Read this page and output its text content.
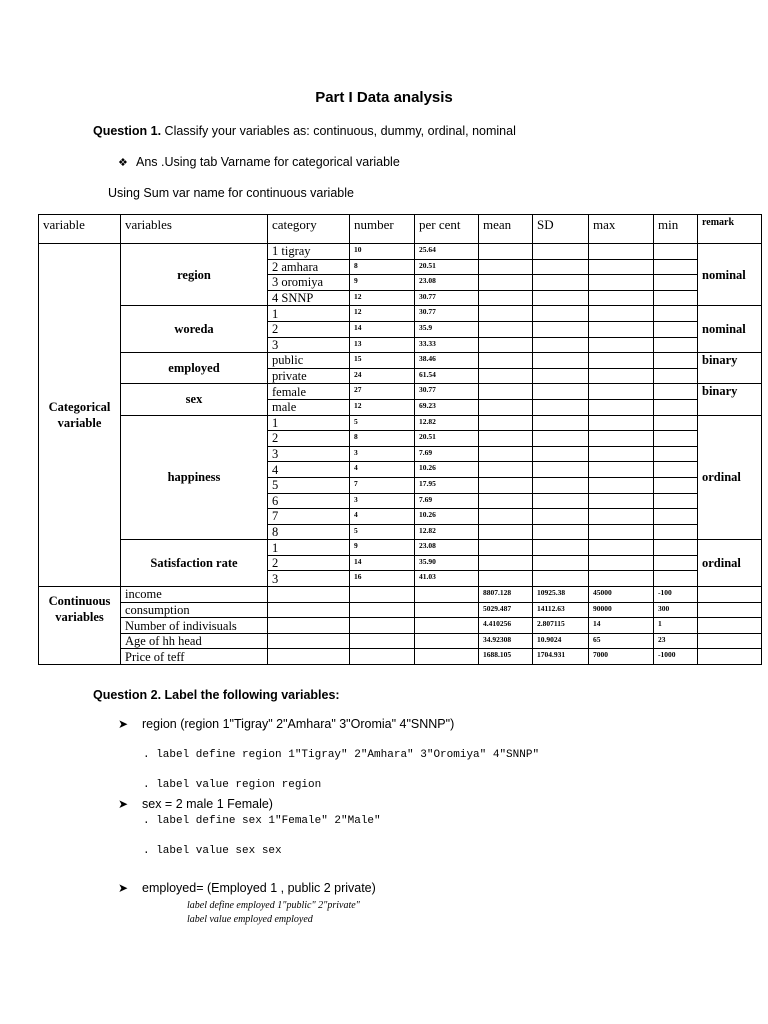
Part I Data analysis
Question 1. Classify your variables as: continuous, dummy, ordinal, nominal
❖ Ans .Using tab Varname for categorical variable
Using Sum var name for continuous variable
variable	variables	category	number	per cent	mean	SD	max	min	remark
Categorical variable	region	1 tigray	10	25.64					nominal
		2 amhara	8	20.51					
		3 oromiya	9	23.08					
		4 SNNP	12	30.77					
	woreda	1	12	30.77					nominal
		2	14	35.9					
		3	13	33.33					
	employed	public	15	38.46					binary
		private	24	61.54					
	sex	female	27	30.77					binary
		male	12	69.23					
	happiness	1	5	12.82					ordinal
		2	8	20.51					
		3	3	7.69					
		4	4	10.26					
		5	7	17.95					
		6	3	7.69					
		7	4	10.26					
		8	5	12.82					
	Satisfaction rate	1	9	23.08					ordinal
		2	14	35.90					
		3	16	41.03					
Continuous variables	income				8807.128	10925.38	45000	-100	
	consumption				5029.487	14112.63	90000	300	
	Number of indivisuals				4.410256	2.807115	14	1	
	Age of hh head				34.92308	10.9024	65	23	
	Price of teff				1688.105	1704.931	7000	-1000	
Question 2. Label the following variables:
➤ region (region 1"Tigray" 2"Amhara" 3"Oromia" 4"SNNP")
. label define region 1"Tigray" 2"Amhara" 3"Oromiya" 4"SNNP"
. label value region region
➤ sex = 2 male 1 Female)
. label define sex 1"Female" 2"Male"
. label value sex sex
➤ employed= (Employed 1 , public 2 private)
label define employed 1"public" 2"private"
label value employed employed
